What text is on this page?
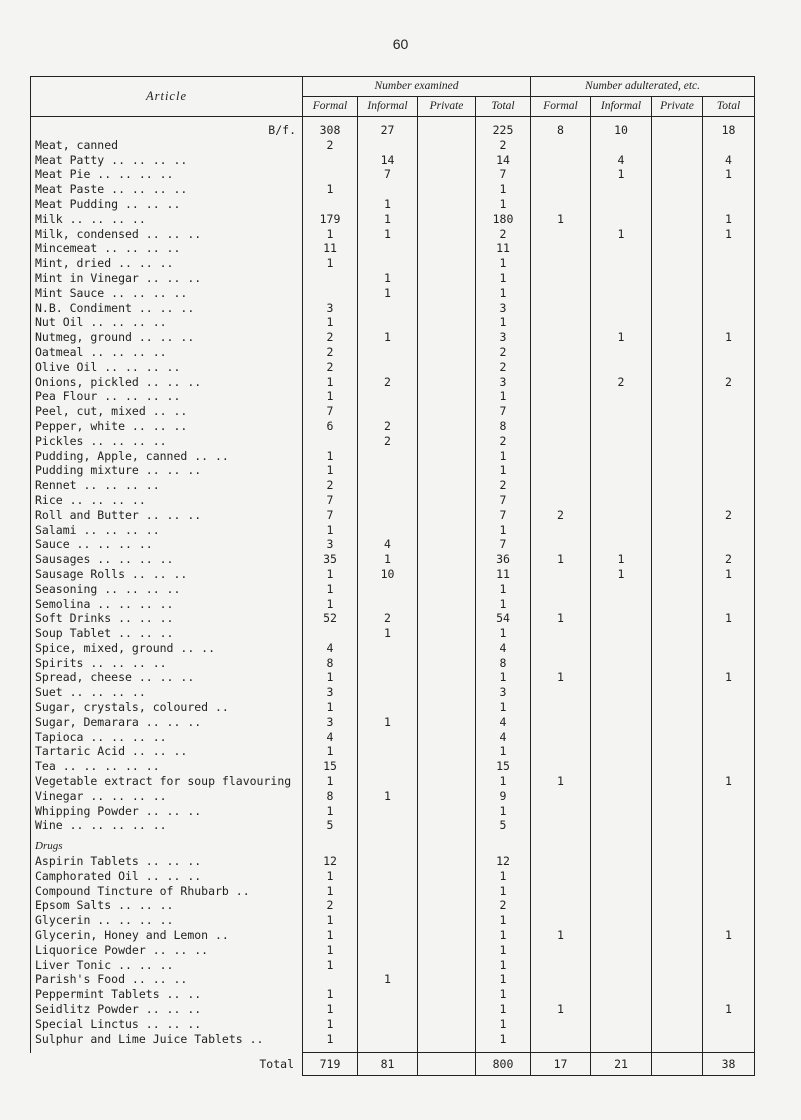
60
Article	Number examined				Number adulterated, etc.			
	Formal	Informal	Private	Total	Formal	Informal	Private	Total
B/f.	308	27		225	8	10		18
Meat, canned	2			2				
Meat Patty .. .. .. ..		14		14		4		4
Meat Pie .. .. .. ..		7		7		1		1
Meat Paste .. .. .. ..	1			1				
Meat Pudding .. .. ..		1		1				
Milk .. .. .. ..	179	1		180	1			1
Milk, condensed .. .. ..	1	1		2		1		1
Mincemeat .. .. .. ..	11			11				
Mint, dried .. .. ..	1			1				
Mint in Vinegar .. .. ..		1		1				
Mint Sauce .. .. .. ..		1		1				
N.B. Condiment .. .. ..	3			3				
Nut Oil .. .. .. ..	1			1				
Nutmeg, ground .. .. ..	2	1		3		1		1
Oatmeal .. .. .. ..	2			2				
Olive Oil .. .. .. ..	2			2				
Onions, pickled .. .. ..	1	2		3		2		2
Pea Flour .. .. .. ..	1			1				
Peel, cut, mixed .. ..	7			7				
Pepper, white .. .. ..	6	2		8				
Pickles .. .. .. ..		2		2				
Pudding, Apple, canned .. ..	1			1				
Pudding mixture .. .. ..	1			1				
Rennet .. .. .. ..	2			2				
Rice .. .. .. ..	7			7				
Roll and Butter .. .. ..	7			7	2			2
Salami .. .. .. ..	1			1				
Sauce .. .. .. ..	3	4		7				
Sausages .. .. .. ..	35	1		36	1	1		2
Sausage Rolls .. .. ..	1	10		11		1		1
Seasoning .. .. .. ..	1			1				
Semolina .. .. .. ..	1			1				
Soft Drinks .. .. ..	52	2		54	1			1
Soup Tablet .. .. ..		1		1				
Spice, mixed, ground .. ..	4			4				
Spirits .. .. .. ..	8			8				
Spread, cheese .. .. ..	1			1	1			1
Suet .. .. .. ..	3			3				
Sugar, crystals, coloured ..	1			1				
Sugar, Demarara .. .. ..	3	1		4				
Tapioca .. .. .. ..	4			4				
Tartaric Acid .. .. ..	1			1				
Tea .. .. .. .. ..	15			15				
Vegetable extract for soup flavouring	1			1	1			1
Vinegar .. .. .. ..	8	1		9				
Whipping Powder .. .. ..	1			1				
Wine .. .. .. .. ..	5			5				
Drugs								
Aspirin Tablets .. .. ..	12			12				
Camphorated Oil .. .. ..	1			1				
Compound Tincture of Rhubarb ..	1			1				
Epsom Salts .. .. ..	2			2				
Glycerin .. .. .. ..	1			1				
Glycerin, Honey and Lemon ..	1			1	1			1
Liquorice Powder .. .. ..	1			1				
Liver Tonic .. .. ..	1			1				
Parish's Food .. .. ..		1		1				
Peppermint Tablets .. ..	1			1				
Seidlitz Powder .. .. ..	1			1	1			1
Special Linctus .. .. ..	1			1				
Sulphur and Lime Juice Tablets ..	1			1				
Total	719	81		800	17	21		38
